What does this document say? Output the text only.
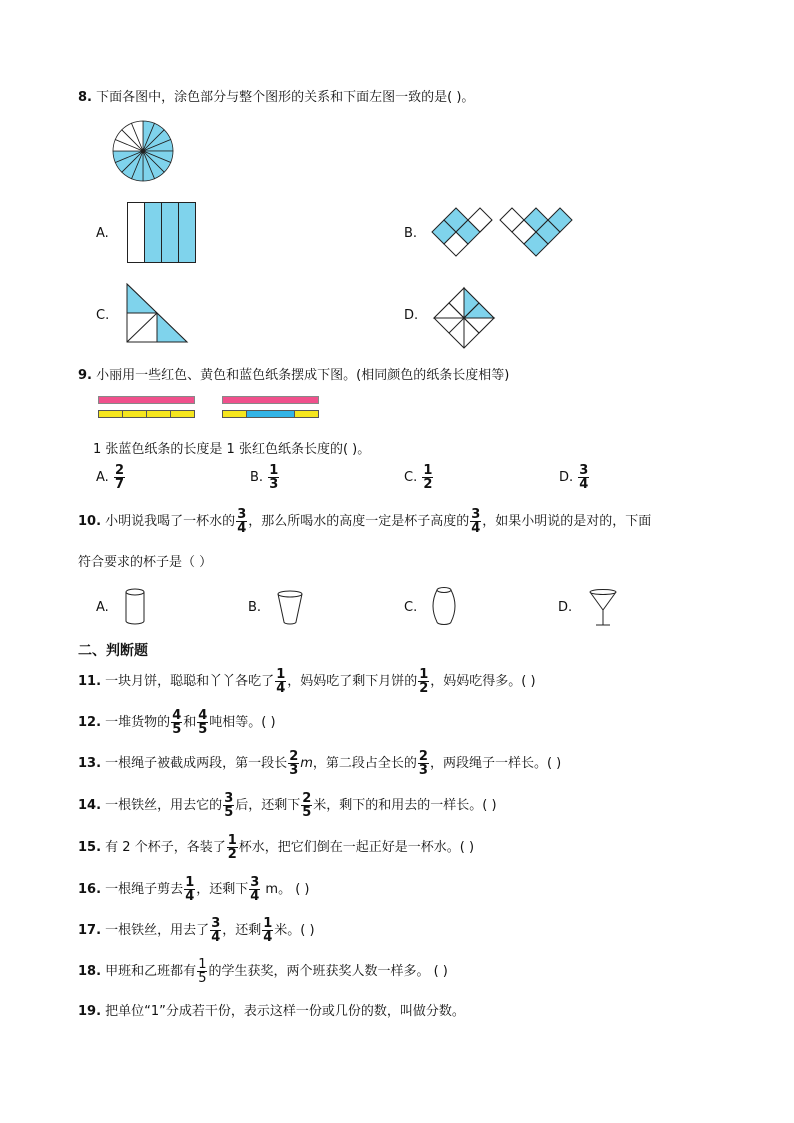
8. 下面各图中，涂色部分与整个图形的关系和下面左图一致的是( )。
A.	B.
C.	D.
9. 小丽用一些红色、黄色和蓝色纸条摆成下图。(相同颜色的纸条长度相等)
1 张蓝色纸条的长度是 1 张红色纸条长度的( )。
A. $\frac{2}{7}$	B. $\frac{1}{3}$	C. $\frac{1}{2}$	D. $\frac{3}{4}$
10. 小明说我喝了一杯水的 $\frac{3}{4}$ ，那么所喝水的高度一定是杯子高度的 $\frac{3}{4}$ ，如果小明说的是对的，下面
符合要求的杯子是（ ）
A.	B.	C.	D.
二、判断题
11. 一块月饼，聪聪和丫丫各吃了 $\frac{1}{4}$ ，妈妈吃了剩下月饼的 $\frac{1}{2}$ ，妈妈吃得多。( )
12. 一堆货物的 $\frac{4}{5}$ 和 $\frac{4}{5}$ 吨相等。( )
13. 一根绳子被截成两段，第一段长 $\frac{2}{3}$ m，第二段占全长的 $\frac{2}{3}$ ，两段绳子一样长。( )
14. 一根铁丝，用去它的 $\frac{3}{5}$ 后，还剩下 $\frac{2}{5}$ 米，剩下的和用去的一样长。( )
15. 有 2 个杯子，各装了 $\frac{1}{2}$ 杯水，把它们倒在一起正好是一杯水。( )
16. 一根绳子剪去 $\frac{1}{4}$ ，还剩下 $\frac{3}{4}$ m。 ( )
17. 一根铁丝，用去了 $\frac{3}{4}$ ，还剩 $\frac{1}{4}$ 米。( )
18. 甲班和乙班都有 $\frac{1}{5}$ 的学生获奖，两个班获奖人数一样多。 ( )
19. 把单位“1”分成若干份，表示这样一份或几份的数，叫做分数。
